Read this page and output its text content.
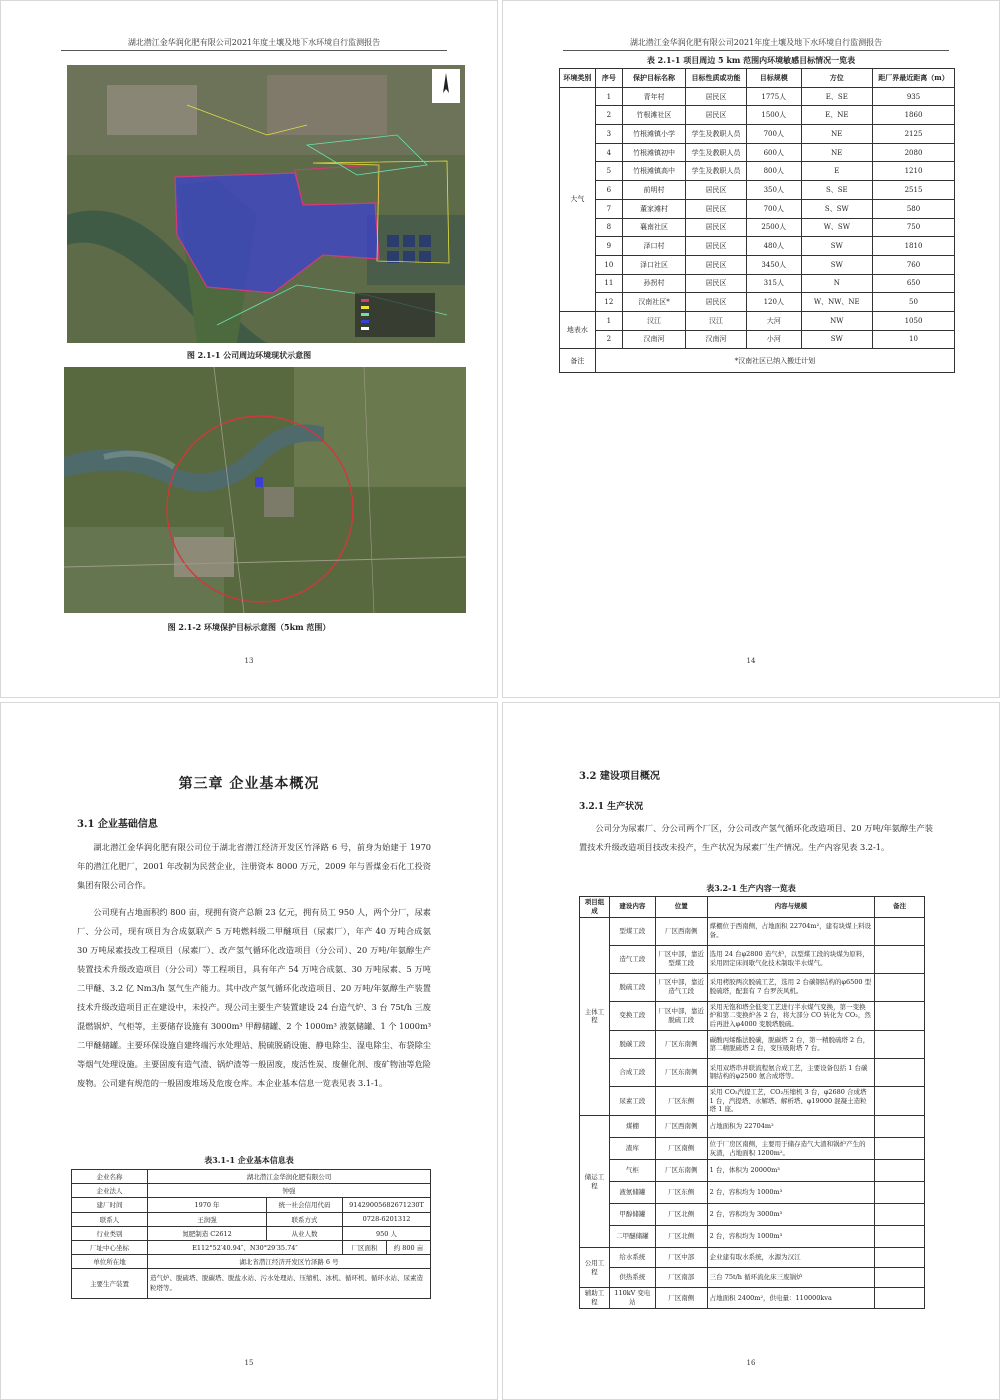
湖北潜江金华润化肥有限公司2021年度土壤及地下水环境自行监测报告
图 2.1-1 公司周边环境现状示意图
图 2.1-2 环境保护目标示意图（5km 范围）
13
湖北潜江金华润化肥有限公司2021年度土壤及地下水环境自行监测报告
表 2.1-1 项目周边 5 km 范围内环境敏感目标情况一览表
环境类别	序号	保护目标名称	目标性质或功能	目标规模	方位	距厂界最近距离（m）
大气	1	青年村	居民区	1775人	E、SE	935
	2	竹根滩社区	居民区	1500人	E、NE	1860
	3	竹根滩镇小学	学生及教职人员	700人	NE	2125
	4	竹根滩镇初中	学生及教职人员	600人	NE	2080
	5	竹根滩镇高中	学生及教职人员	800人	E	1210
	6	前明村	居民区	350人	S、SE	2515
	7	董家滩村	居民区	700人	S、SW	580
	8	襄南社区	居民区	2500人	W、SW	750
	9	泽口村	居民区	480人	SW	1810
	10	泽口社区	居民区	3450人	SW	760
	11	孙拐村	居民区	315人	N	650
	12	汉南社区*	居民区	120人	W、NW、NE	50
地表水	1	汉江	汉江	大河	NW	1050
	2	汉南河	汉南河	小河	SW	10
备注	*汉南社区已纳入搬迁计划					
14
第三章 企业基本概况
3.1 企业基础信息
湖北潜江金华润化肥有限公司位于湖北省潜江经济开发区竹泽路 6 号，前身为始建于 1970 年的潜江化肥厂，2001 年改制为民营企业，注册资本 8000 万元，2009 年与晋煤金石化工投资集团有限公司合作。
公司现有占地面积约 800 亩，现拥有资产总额 23 亿元，拥有员工 950 人，两个分厂，尿素厂、分公司，现有项目为合成氨联产 5 万吨燃料级二甲醚项目（尿素厂），年产 40 万吨合成氨 30 万吨尿素技改工程项目（尿素厂）、改产氢气循环化改造项目（分公司）、20 万吨/年氨醇生产装置技术升级改造项目（分公司）等工程项目，具有年产 54 万吨合成氨、30 万吨尿素、5 万吨二甲醚、3.2 亿 Nm3/h 氢气生产能力。其中改产氢气循环化改造项目、20 万吨/年氨醇生产装置技术升级改造项目正在建设中，未投产。现公司主要生产装置建设 24 台造气炉、3 台 75t/h 三废混燃锅炉、气柜等，主要储存设施有 3000m³ 甲醇储罐、2 个 1000m³ 液氨储罐、1 个 1000m³ 二甲醚储罐。主要环保设施自建终端污水处理站、脱硫脱硝设施、静电除尘、湿电除尘、布袋除尘等烟气处理设施。主要固废有造气渣、锅炉渣等一般固废，废活性炭、废催化剂、废矿物油等危险废物。公司建有规范的一般固废堆场及危废仓库。本企业基本信息一览表见表 3.1-1。
表3.1-1 企业基本信息表
企业名称	湖北潜江金华润化肥有限公司			
企业法人	钟强			
建厂时间	1970 年	统一社会信用代码	91429005682671230T	
联系人	王润强	联系方式	0728-6201312	
行业类别	氮肥制造 C2612	从业人数	950 人	
厂址中心坐标	E112°52′40.94″、N30°29′35.74″		厂区面积	约 800 亩
单位所在地	湖北省潜江经济开发区竹泽路 6 号			
主要生产装置	造气炉、脱硫塔、脱碳塔、脱盐水站、污水处理站、压缩机、冰机、循环机、循环水站、尿素造粒塔等。			
15
3.2 建设项目概况
3.2.1 生产状况
公司分为尿素厂、分公司两个厂区，分公司改产氢气循环化改造项目、20 万吨/年氨醇生产装置技术升级改造项目技改未投产，生产状况为尿素厂生产情况。生产内容见表 3.2-1。
表3.2-1 生产内容一览表
项目组成	建设内容	位置	内容与规模	备注
主体工程	型煤工段	厂区西南侧	煤棚位于西南侧，占地面积 22704m²，建有块煤上料设备。	
	造气工段	厂区中部，靠近型煤工段	选用 24 台φ2800 造气炉，以型煤工段的块煤为原料，采用固定床间歇气化技术制取半水煤气。	
	脱硫工段	厂区中部，靠近造气工段	采用栲胶两次脱硫工艺，选用 2 台碳钢结构的φ6500 型脱硫塔，配套有 7 台罗茨风机。	
	变换工段	厂区中部，靠近脱硫工段	采用无饱和塔全低变工艺进行半水煤气变换，第一变换炉和第二变换炉各 2 台，将大部分 CO 转化为 CO₂，然后再进入φ4000 变脱塔脱硫。	
	脱碳工段	厂区东南侧	碳酸丙烯酯法脱碳，脱碳塔 2 台，第一精脱硫塔 2 台，第二精脱硫塔 2 台，变压吸附塔 7 台。	
	合成工段	厂区东南侧	采用双塔串并联流程氨合成工艺，主要设备包括 1 台碳钢结构的φ2500 氨合成塔等。	
	尿素工段	厂区东侧	采用 CO₂汽提工艺，CO₂压缩机 3 台，φ2680 合成塔 1 台，汽提塔、水解塔、解析塔、φ19000 混凝土造粒塔 1 座。	
储运工程	煤棚	厂区西南侧	占地面积为 22704m²	
	渣库	厂区南侧	位于厂房区南侧，主要用于储存造气大渣和锅炉产生的灰渣，占地面积 1200m²。	
	气柜	厂区东南侧	1 台，体积为 20000m³	
	液氨储罐	厂区东侧	2 台，容积均为 1000m³	
	甲醇储罐	厂区北侧	2 台，容积均为 3000m³	
	二甲醚储罐	厂区北侧	2 台，容积均为 1000m³	
公用工程	给水系统	厂区中部	企业建有取水系统，水源为汉江	
	供热系统	厂区南部	三台 75t/h 循环流化床三废锅炉	
辅助工程	110kV 变电站	厂区南侧	占地面积 2400m²，供电量：110000kva	
16
